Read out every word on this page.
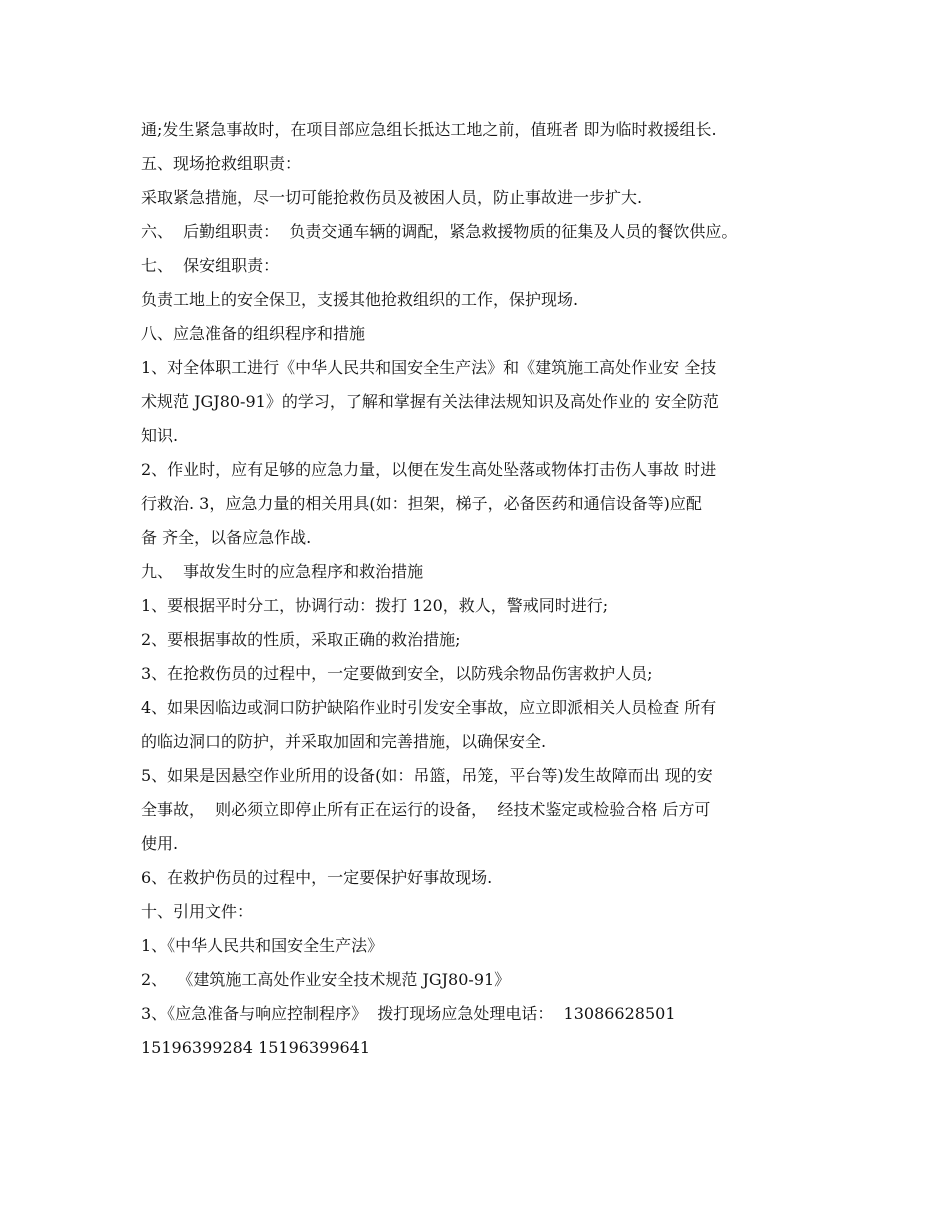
通;发生紧急事故时，在项目部应急组长抵达工地之前，值班者 即为临时救援组长.
五、现场抢救组职责：
采取紧急措施，尽一切可能抢救伤员及被困人员，防止事故进一步扩大.
六、  后勤组职责：  负责交通车辆的调配，紧急救援物质的征集及人员的餐饮供应。
七、  保安组职责：
负责工地上的安全保卫，支援其他抢救组织的工作，保护现场.
八、应急准备的组织程序和措施
1、对全体职工进行《中华人民共和国安全生产法》和《建筑施工高处作业安 全技
术规范 JGJ80-91》的学习，了解和掌握有关法律法规知识及高处作业的 安全防范
知识.
2、作业时，应有足够的应急力量，以便在发生高处坠落或物体打击伤人事故 时进
行救治. 3，应急力量的相关用具(如：担架，梯子，必备医药和通信设备等)应配
备 齐全，以备应急作战.
九、  事故发生时的应急程序和救治措施
1、要根据平时分工，协调行动：拨打 120，救人，警戒同时进行;
2、要根据事故的性质，采取正确的救治措施;
3、在抢救伤员的过程中，一定要做到安全，以防残余物品伤害救护人员;
4、如果因临边或洞口防护缺陷作业时引发安全事故，应立即派相关人员检查 所有
的临边洞口的防护，并采取加固和完善措施，以确保安全.
5、如果是因悬空作业所用的设备(如：吊篮，吊笼，平台等)发生故障而出 现的安
全事故，  则必须立即停止所有正在运行的设备，  经技术鉴定或检验合格 后方可
使用.
6、在救护伤员的过程中，一定要保护好事故现场.
十、引用文件：
1、《中华人民共和国安全生产法》
2、  《建筑施工高处作业安全技术规范 JGJ80-91》
3、《应急准备与响应控制程序》  拨打现场应急处理电话：  13086628501
15196399284 15196399641
